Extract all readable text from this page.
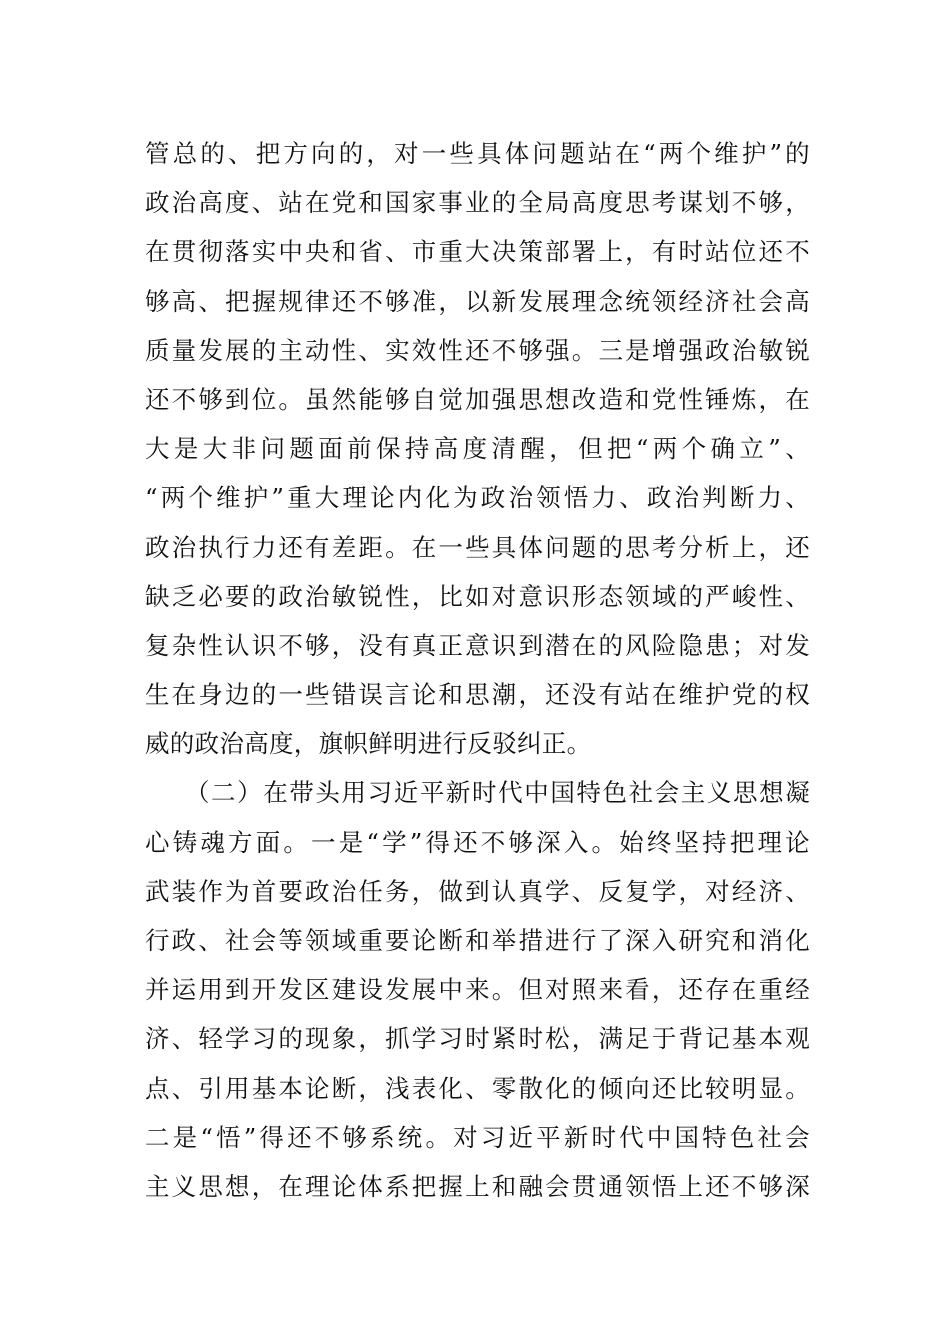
管总的、把方向的，对一些具体问题站在“两个维护”的
政治高度、站在党和国家事业的全局高度思考谋划不够，
在贯彻落实中央和省、市重大决策部署上，有时站位还不
够高、把握规律还不够准，以新发展理念统领经济社会高
质量发展的主动性、实效性还不够强。三是增强政治敏锐
还不够到位。虽然能够自觉加强思想改造和党性锤炼，在
大是大非问题面前保持高度清醒，但把“两个确立”、
“两个维护”重大理论内化为政治领悟力、政治判断力、
政治执行力还有差距。在一些具体问题的思考分析上，还
缺乏必要的政治敏锐性，比如对意识形态领域的严峻性、
复杂性认识不够，没有真正意识到潜在的风险隐患；对发
生在身边的一些错误言论和思潮，还没有站在维护党的权
威的政治高度，旗帜鲜明进行反驳纠正。
　　（二）在带头用习近平新时代中国特色社会主义思想凝
心铸魂方面。一是“学”得还不够深入。始终坚持把理论
武装作为首要政治任务，做到认真学、反复学，对经济、
行政、社会等领域重要论断和举措进行了深入研究和消化
并运用到开发区建设发展中来。但对照来看，还存在重经
济、轻学习的现象，抓学习时紧时松，满足于背记基本观
点、引用基本论断，浅表化、零散化的倾向还比较明显。
二是“悟”得还不够系统。对习近平新时代中国特色社会
主义思想，在理论体系把握上和融会贯通领悟上还不够深
